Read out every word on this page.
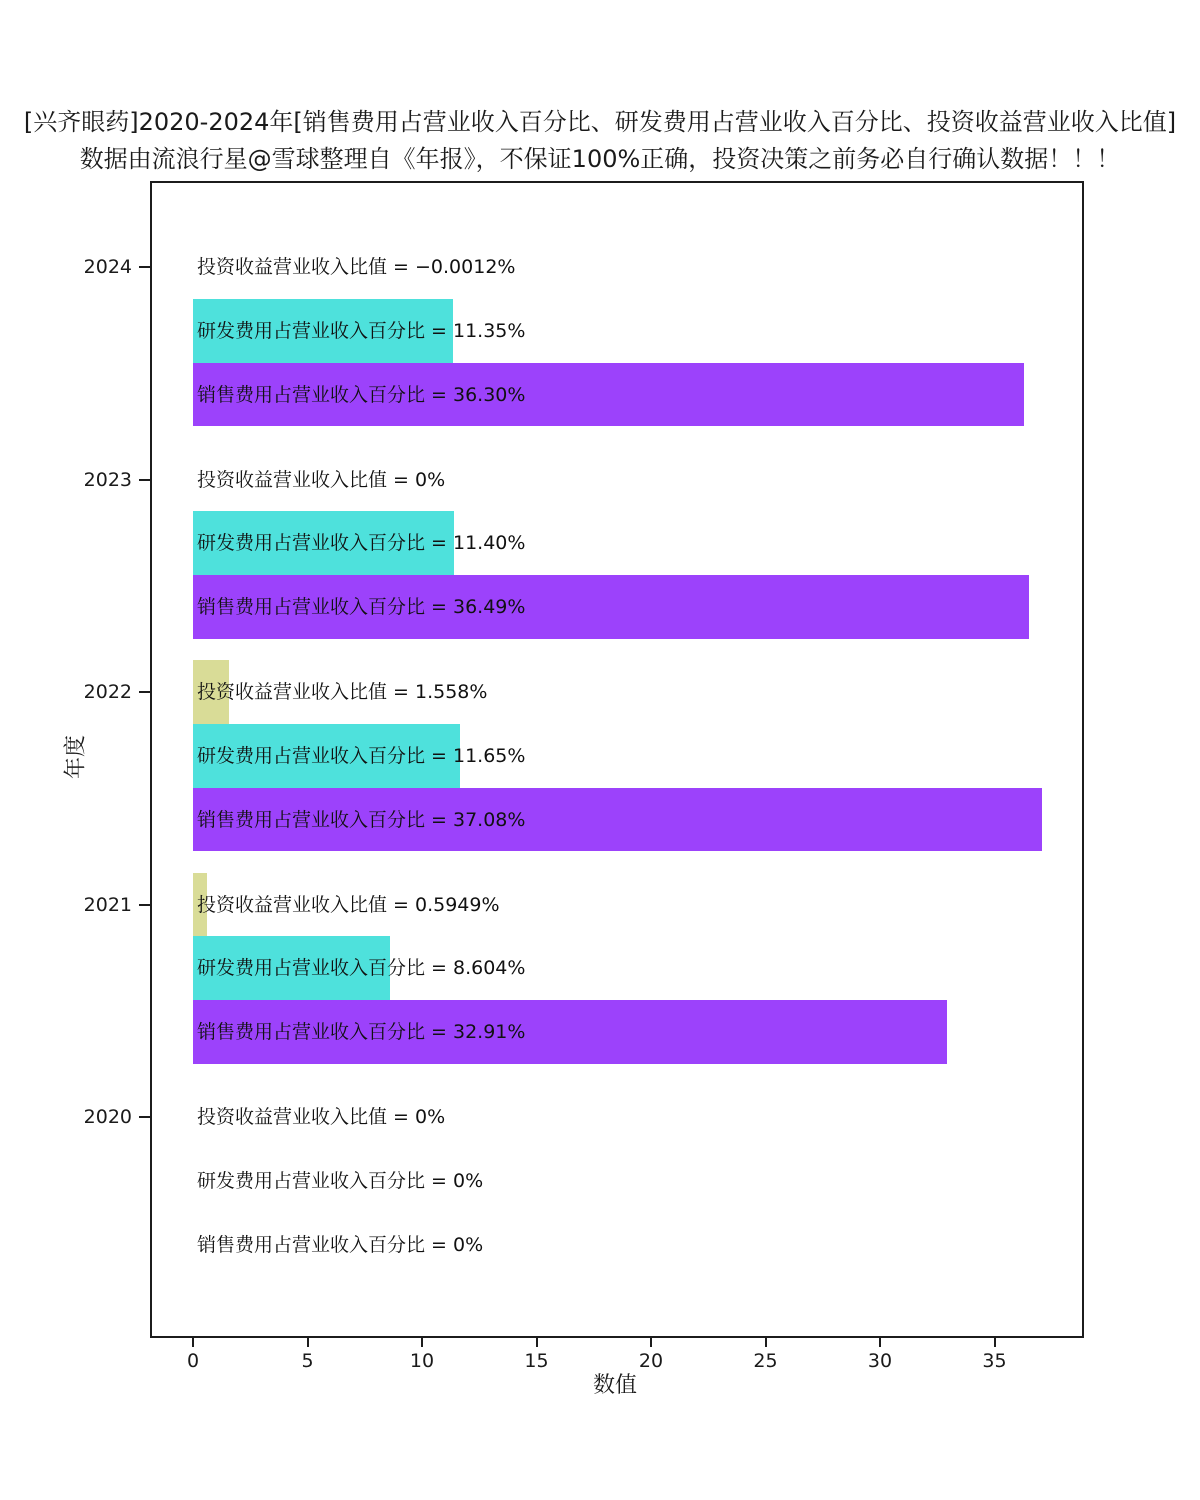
[兴齐眼药]2020-2024年[销售费用占营业收入百分比、研发费用占营业收入百分比、投资收益营业收入比值]
数据由流浪行星@雪球整理自《年报》，不保证100%正确，投资决策之前务必自行确认数据！！！
2024
2023
2022
2021
2020
0	5	10	15	20	25	30	35
投资收益营业收入比值 = −0.0012%
研发费用占营业收入百分比 = 11.35%
销售费用占营业收入百分比 = 36.30%
投资收益营业收入比值 = 0%
研发费用占营业收入百分比 = 11.40%
销售费用占营业收入百分比 = 36.49%
投资收益营业收入比值 = 1.558%
研发费用占营业收入百分比 = 11.65%
销售费用占营业收入百分比 = 37.08%
投资收益营业收入比值 = 0.5949%
研发费用占营业收入百分比 = 8.604%
销售费用占营业收入百分比 = 32.91%
投资收益营业收入比值 = 0%
研发费用占营业收入百分比 = 0%
销售费用占营业收入百分比 = 0%
数值
年度
